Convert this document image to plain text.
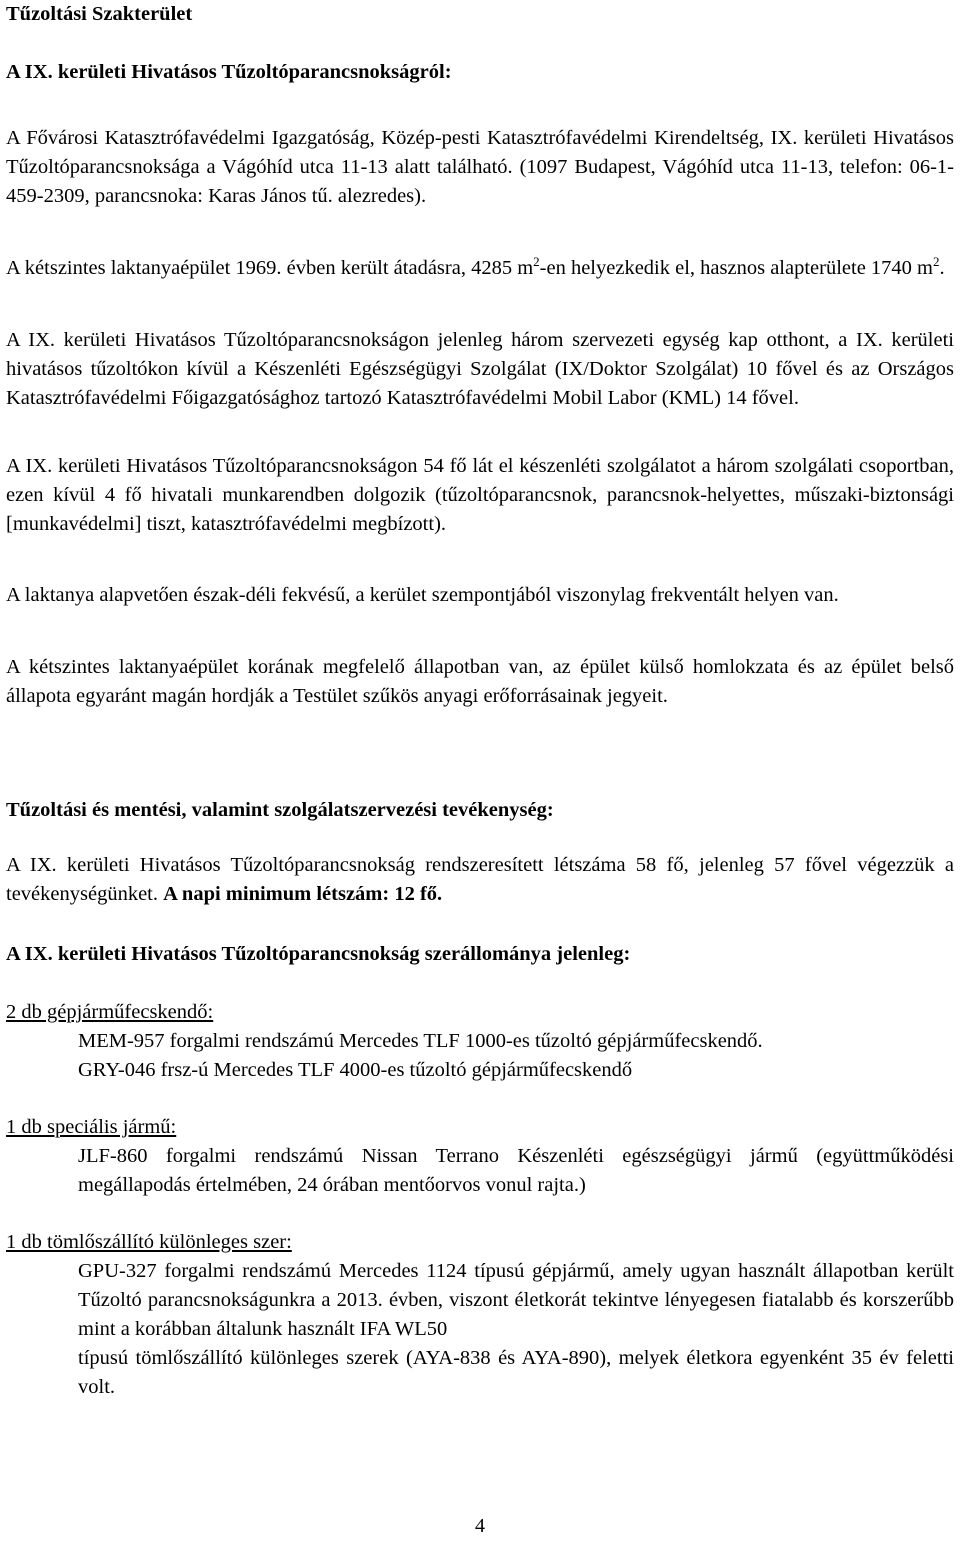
Tűzoltási Szakterület
A IX. kerületi Hivatásos Tűzoltóparancsnokságról:

A Fővárosi Katasztrófavédelmi Igazgatóság, Közép-pesti Katasztrófavédelmi Kirendeltség, IX. kerületi Hivatásos Tűzoltóparancsnoksága a Vágóhíd utca 11-13 alatt található. (1097 Budapest, Vágóhíd utca 11-13, telefon: 06-1-459-2309, parancsnoka: Karas János tű. alezredes).

A kétszintes laktanyaépület 1969. évben került átadásra, 4285 $m^2-en$ helyezkedik el, hasznos alapterülete 1740 $m^2$.

A IX. kerületi Hivatásos Tűzoltóparancsnokságon jelenleg három szervezeti egység kap otthont, a IX. kerületi hivatásos tűzoltókon kívül a Készenléti Egészségügyi Szolgálat (IX/Doktor Szolgálat) 10 fővel és az Országos Katasztrófavédelmi Főigazgatósághoz tartozó Katasztrófavédelmi Mobil Labor (KML) 14 fővel.

A IX. kerületi Hivatásos Tűzoltóparancsnokságon 54 fő lát el készenléti szolgálatot a három szolgálati csoportban, ezen kívül 4 fő hivatali munkarendben dolgozik (tűzoltóparancsnok, parancsnok-helyettes, műszaki-biztonsági [munkavédelmi] tiszt, katasztrófavédelmi megbízott).

A laktanya alapvetően észak-déli fekvésű, a kerület szempontjából viszonylag frekventált helyen van.

A kétszintes laktanyaépület korának megfelelő állapotban van, az épület külső homlokzata és az épület belső állapota egyaránt magán hordják a Testület szűkös anyagi erőforrásainak jegyeit.

Tűzoltási és mentési, valamint szolgálatszervezési tevékenység:

A IX. kerületi Hivatásos Tűzoltóparancsnokság rendszeresített létszáma 58 fő, jelenleg 57 fővel végezzük a tevékenységünket. A napi minimum létszám: 12 fő.

A IX. kerületi Hivatásos Tűzoltóparancsnokság szerállománya jelenleg:
2 db gépjárműfecskendő:
MEM-957 forgalmi rendszámú Mercedes TLF 1000-es tűzoltó gépjárműfecskendő.
GRY-046 frsz-ú Mercedes TLF 4000-es tűzoltó gépjárműfecskendő
1 db speciális jármű:

JLF-860 forgalmi rendszámú Nissan Terrano Készenléti egészségügyi jármű (együttműködési megállapodás értelmében, 24 órában mentőorvos vonul rajta.)

1 db tömlőszállító különleges szer:

GPU-327 forgalmi rendszámú Mercedes 1124 típusú gépjármű, amely ugyan használt állapotban került Tűzoltó parancsnokságunkra a 2013. évben, viszont életkorát tekintve lényegesen fiatalabb és korszerűbb mint a korábban általunk használt IFA WL50

típusú tömlőszállító különleges szerek (AYA-838 és AYA-890), melyek életkora egyenként 35 év feletti volt.

4
